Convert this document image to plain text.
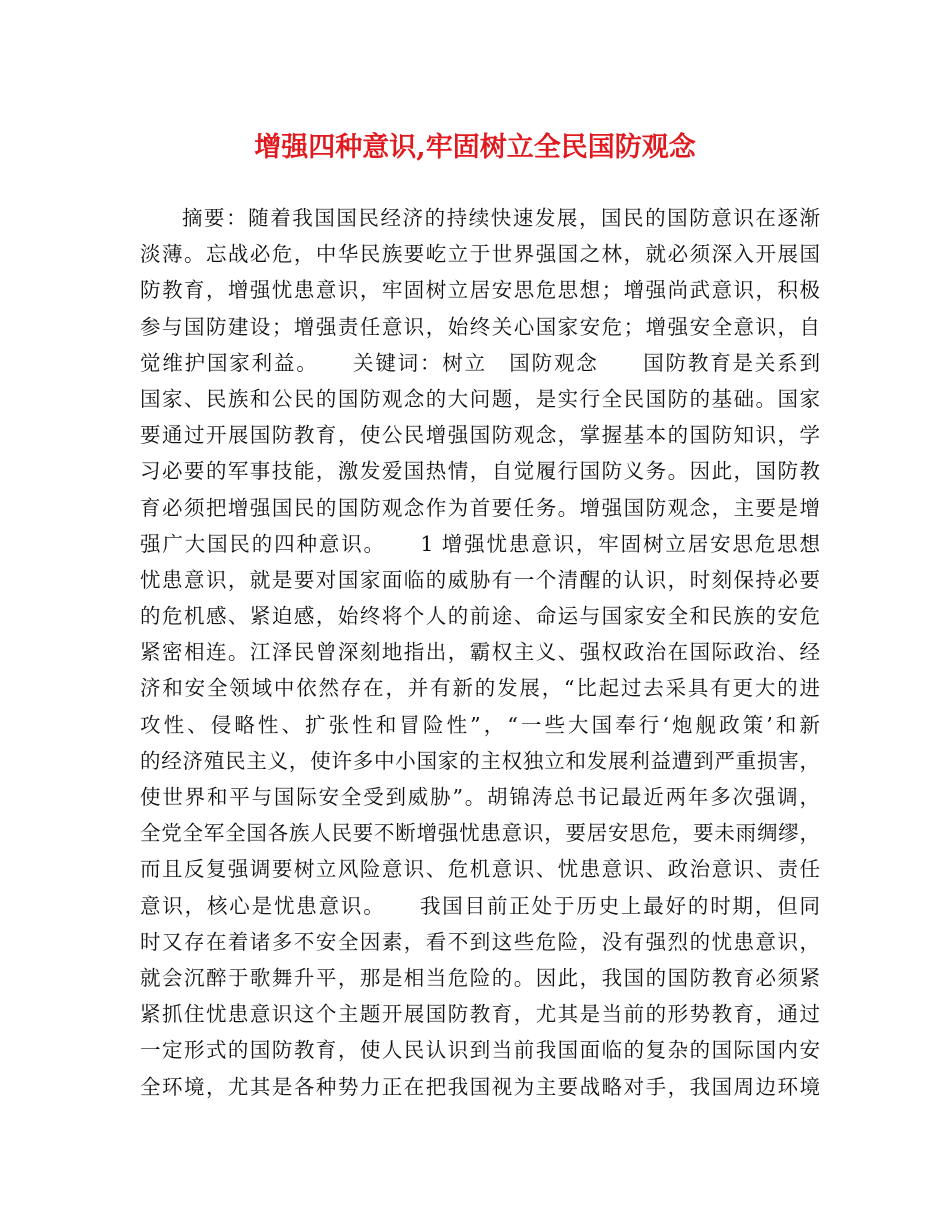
增强四种意识,牢固树立全民国防观念
摘要：随着我国国民经济的持续快速发展，国民的国防意识在逐渐
淡薄。忘战必危，中华民族要屹立于世界强国之林，就必须深入开展国
防教育，增强忧患意识，牢固树立居安思危思想；增强尚武意识，积极
参与国防建设；增强责任意识，始终关心国家安危；增强安全意识，自
觉维护国家利益。　　关键词：树立　国防观念　　国防教育是关系到
国家、民族和公民的国防观念的大问题，是实行全民国防的基础。国家
要通过开展国防教育，使公民增强国防观念，掌握基本的国防知识，学
习必要的军事技能，激发爱国热情，自觉履行国防义务。因此，国防教
育必须把增强国民的国防观念作为首要任务。增强国防观念，主要是增
强广大国民的四种意识。　　1 增强忧患意识，牢固树立居安思危思想
忧患意识，就是要对国家面临的威胁有一个清醒的认识，时刻保持必要
的危机感、紧迫感，始终将个人的前途、命运与国家安全和民族的安危
紧密相连。江泽民曾深刻地指出，霸权主义、强权政治在国际政治、经
济和安全领域中依然存在，并有新的发展，“比起过去采具有更大的进
攻性、侵略性、扩张性和冒险性”，“一些大国奉行‘炮舰政策’和新
的经济殖民主义，使许多中小国家的主权独立和发展利益遭到严重损害，
使世界和平与国际安全受到威胁”。胡锦涛总书记最近两年多次强调，
全党全军全国各族人民要不断增强忧患意识，要居安思危，要未雨绸缪，
而且反复强调要树立风险意识、危机意识、忧患意识、政治意识、责任
意识，核心是忧患意识。　　我国目前正处于历史上最好的时期，但同
时又存在着诸多不安全因素，看不到这些危险，没有强烈的忧患意识，
就会沉醉于歌舞升平，那是相当危险的。因此，我国的国防教育必须紧
紧抓住忧患意识这个主题开展国防教育，尤其是当前的形势教育，通过
一定形式的国防教育，使人民认识到当前我国面临的复杂的国际国内安
全环境，尤其是各种势力正在把我国视为主要战略对手，我国周边环境
